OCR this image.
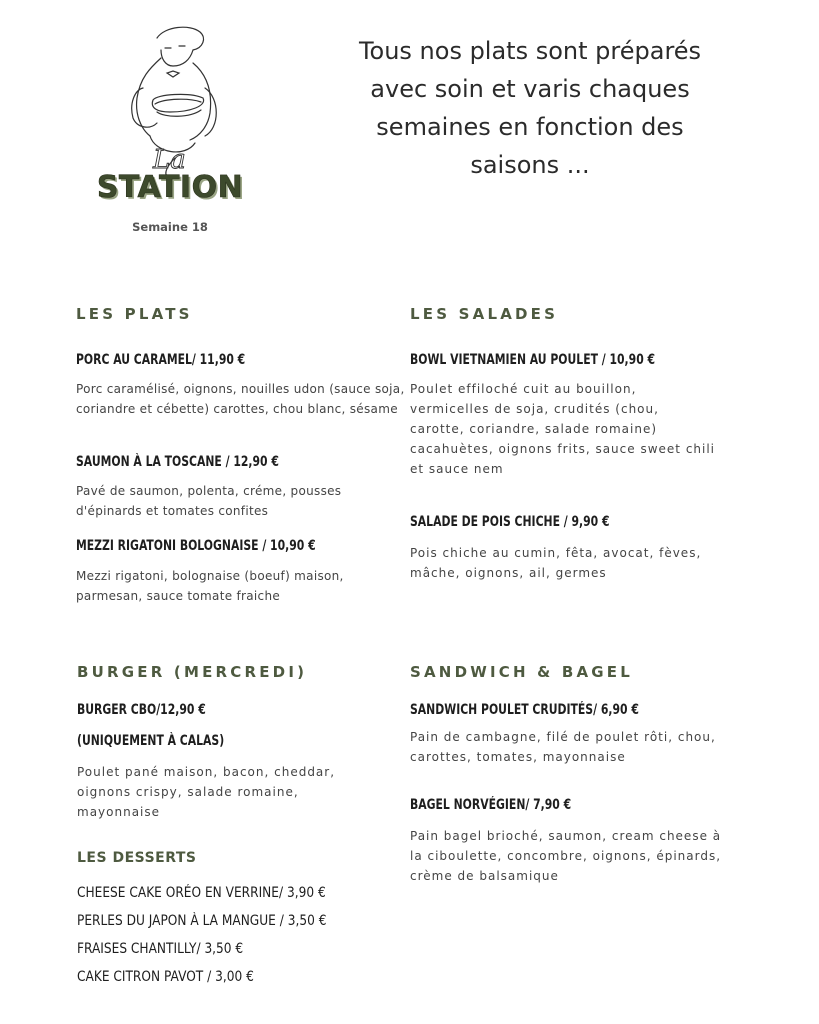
La
STATION
Semaine 18
Tous nos plats sont préparés
avec soin et varis chaques
semaines en fonction des
saisons ...
LES PLATS
PORC AU CARAMEL/ 11,90 €
Porc caramélisé, oignons, nouilles udon (sauce soja,
coriandre et cébette) carottes, chou blanc, sésame
SAUMON À LA TOSCANE / 12,90 €
Pavé de saumon, polenta, créme, pousses
d'épinards et tomates confites
MEZZI RIGATONI BOLOGNAISE / 10,90 €
Mezzi rigatoni, bolognaise (boeuf) maison,
parmesan, sauce tomate fraiche
LES SALADES
BOWL VIETNAMIEN AU POULET / 10,90 €
Poulet effiloché cuit au bouillon,
vermicelles de soja, crudités (chou,
carotte, coriandre, salade romaine)
cacahuètes, oignons frits, sauce sweet chili
et sauce nem
SALADE DE POIS CHICHE / 9,90 €
Pois chiche au cumin, fêta, avocat, fèves,
mâche, oignons, ail, germes
BURGER (MERCREDI)
BURGER CBO/12,90 €
(UNIQUEMENT À CALAS)
Poulet pané maison, bacon, cheddar,
oignons crispy, salade romaine,
mayonnaise
SANDWICH & BAGEL
SANDWICH POULET CRUDITÉS/ 6,90 €
Pain de cambagne, filé de poulet rôti, chou,
carottes, tomates, mayonnaise
BAGEL NORVÉGIEN/ 7,90 €
Pain bagel brioché, saumon, cream cheese à
la ciboulette, concombre, oignons, épinards,
crème de balsamique
LES DESSERTS
CHEESE CAKE ORÉO EN VERRINE/ 3,90 €
PERLES DU JAPON À LA MANGUE / 3,50 €
FRAISES CHANTILLY/ 3,50 €
CAKE CITRON PAVOT / 3,00 €
